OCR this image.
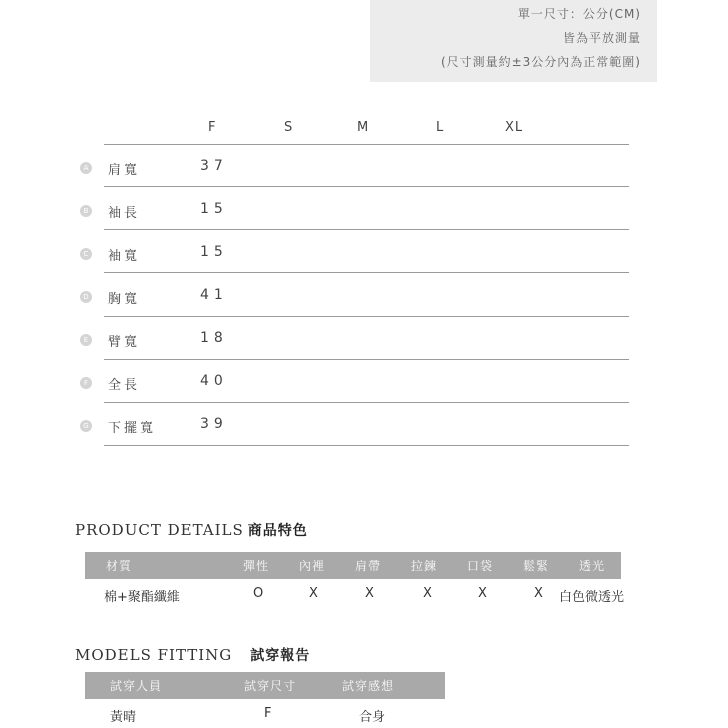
單一尺寸：公分(CM)
皆為平放測量
(尺寸測量約±3公分內為正常範圍)
F	S	M	L	XL
A 肩寬	37
B 袖長	15
C 袖寬	15
D 胸寬	41
E 臂寬	18
F	全長	40
G 下擺寬	39
PRODUCT DETAILS 商品特色
材質	彈性 內裡 肩帶 拉鍊 口袋 鬆緊 透光
棉+聚酯纖維	O	X	X	X	X	X 白色微透光
MODELS FITTING 試穿報告
試穿人員	試穿尺寸	試穿感想
黃晴	F	合身
